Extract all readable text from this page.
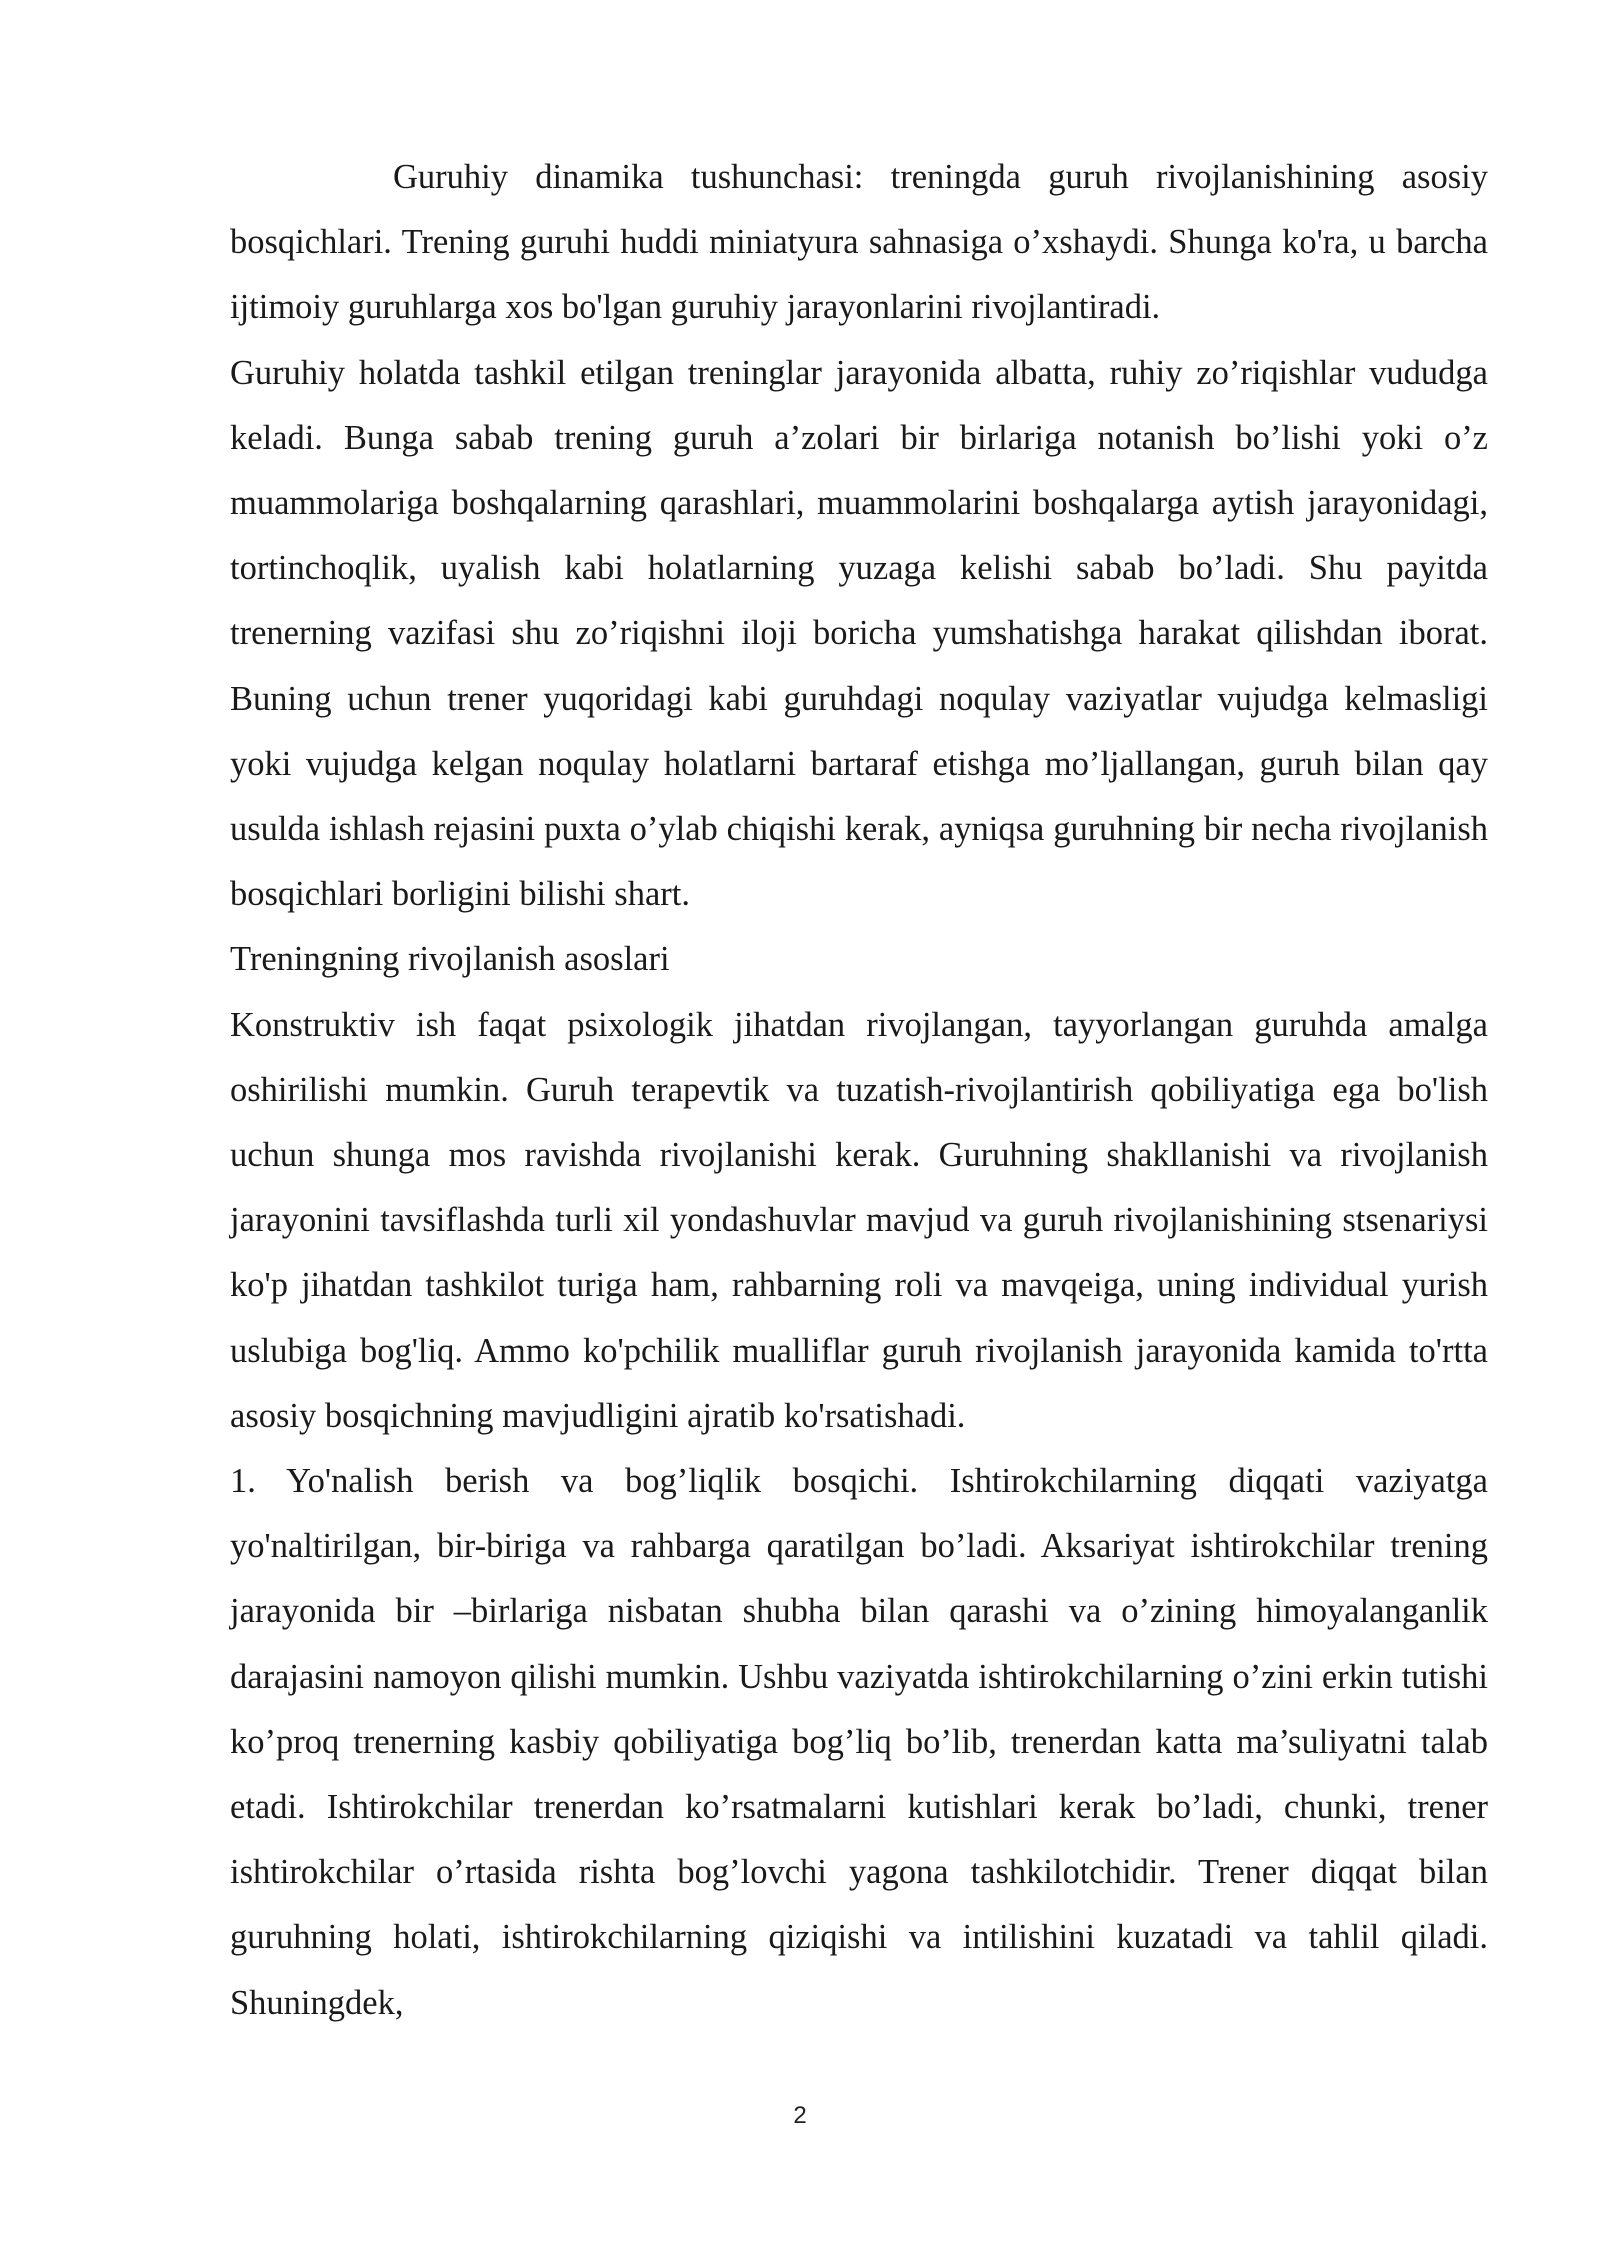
Guruhiy dinamika tushunchasi: treningda guruh rivojlanishining asosiy bosqichlari. Trening guruhi huddi miniatyura sahnasiga o’xshaydi. Shunga ko'ra, u barcha ijtimoiy guruhlarga xos bo'lgan guruhiy jarayonlarini rivojlantiradi.

Guruhiy holatda tashkil etilgan treninglar jarayonida albatta, ruhiy zo’riqishlar vududga keladi. Bunga sabab trening guruh a’zolari bir birlariga notanish bo’lishi yoki o’z muammolariga boshqalarning qarashlari, muammolarini boshqalarga aytish jarayonidagi, tortinchoqlik, uyalish kabi holatlarning yuzaga kelishi sabab bo’ladi. Shu payitda trenerning vazifasi shu zo’riqishni iloji boricha yumshatishga harakat qilishdan iborat. Buning uchun trener yuqoridagi kabi guruhdagi noqulay vaziyatlar vujudga kelmasligi yoki vujudga kelgan noqulay holatlarni bartaraf etishga mo’ljallangan, guruh bilan qay usulda ishlash rejasini puxta o’ylab chiqishi kerak, ayniqsa guruhning bir necha rivojlanish bosqichlari borligini bilishi shart.

Treningning rivojlanish asoslari

Konstruktiv ish faqat psixologik jihatdan rivojlangan, tayyorlangan guruhda amalga oshirilishi mumkin. Guruh terapevtik va tuzatish-rivojlantirish qobiliyatiga ega bo'lish uchun shunga mos ravishda rivojlanishi kerak. Guruhning shakllanishi va rivojlanish jarayonini tavsiflashda turli xil yondashuvlar mavjud va guruh rivojlanishining stsenariysi ko'p jihatdan tashkilot turiga ham, rahbarning roli va mavqeiga, uning individual yurish uslubiga bog'liq. Ammo ko'pchilik mualliflar guruh rivojlanish jarayonida kamida to'rtta asosiy bosqichning mavjudligini ajratib ko'rsatishadi.

1. Yo'nalish berish va bog’liqlik bosqichi. Ishtirokchilarning diqqati vaziyatga yo'naltirilgan, bir-biriga va rahbarga qaratilgan bo’ladi. Aksariyat ishtirokchilar trening jarayonida bir –birlariga nisbatan shubha bilan qarashi va o’zining himoyalanganlik darajasini namoyon qilishi mumkin. Ushbu vaziyatda ishtirokchilarning o’zini erkin tutishi ko’proq trenerning kasbiy qobiliyatiga bog’liq bo’lib, trenerdan katta ma’suliyatni talab etadi. Ishtirokchilar trenerdan ko’rsatmalarni kutishlari kerak bo’ladi, chunki, trener ishtirokchilar o’rtasida rishta bog’lovchi yagona tashkilotchidir. Trener diqqat bilan guruhning holati, ishtirokchilarning qiziqishi va intilishini kuzatadi va tahlil qiladi. Shuningdek,

2
